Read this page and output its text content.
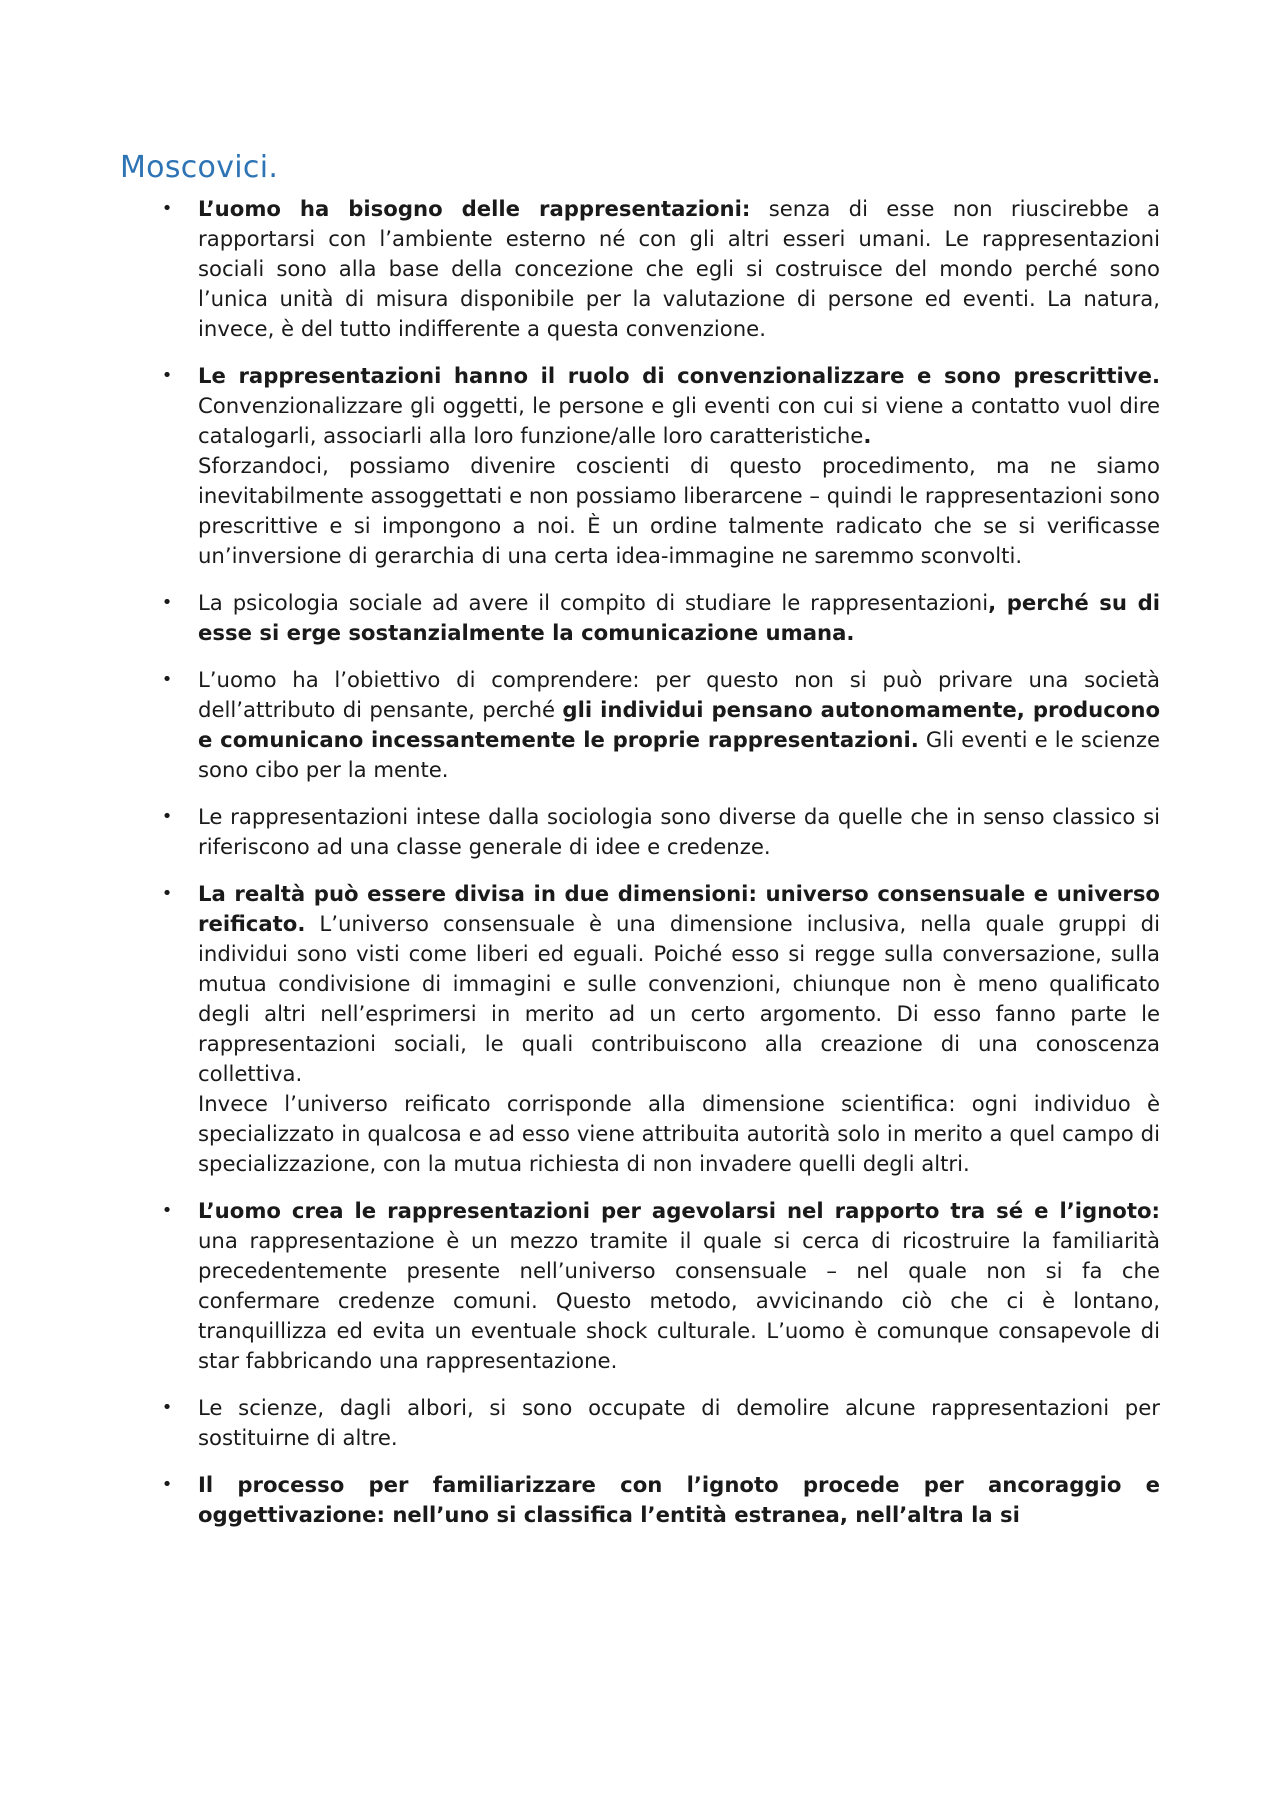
Moscovici.
• L’uomo ha bisogno delle rappresentazioni: senza di esse non riuscirebbe a rapportarsi con l’ambiente esterno né con gli altri esseri umani. Le rappresentazioni sociali sono alla base della concezione che egli si costruisce del mondo perché sono l’unica unità di misura disponibile per la valutazione di persone ed eventi. La natura, invece, è del tutto indifferente a questa convenzione.

• Le rappresentazioni hanno il ruolo di convenzionalizzare e sono prescrittive. Convenzionalizzare gli oggetti, le persone e gli eventi con cui si viene a contatto vuol dire catalogarli, associarli alla loro funzione/alle loro caratteristiche.

Sforzandoci, possiamo divenire coscienti di questo procedimento, ma ne siamo inevitabilmente assoggettati e non possiamo liberarcene – quindi le rappresentazioni sono prescrittive e si impongono a noi. È un ordine talmente radicato che se si verificasse un’inversione di gerarchia di una certa idea-immagine ne saremmo sconvolti.

• La psicologia sociale ad avere il compito di studiare le rappresentazioni, perché su di esse si erge sostanzialmente la comunicazione umana.

• L’uomo ha l’obiettivo di comprendere: per questo non si può privare una società dell’attributo di pensante, perché gli individui pensano autonomamente, producono e comunicano incessantemente le proprie rappresentazioni. Gli eventi e le scienze sono cibo per la mente.

• Le rappresentazioni intese dalla sociologia sono diverse da quelle che in senso classico si riferiscono ad una classe generale di idee e credenze.

• La realtà può essere divisa in due dimensioni: universo consensuale e universo reificato. L’universo consensuale è una dimensione inclusiva, nella quale gruppi di individui sono visti come liberi ed eguali. Poiché esso si regge sulla conversazione, sulla mutua condivisione di immagini e sulle convenzioni, chiunque non è meno qualificato degli altri nell’esprimersi in merito ad un certo argomento. Di esso fanno parte le rappresentazioni sociali, le quali contribuiscono alla creazione di una conoscenza collettiva.

Invece l’universo reificato corrisponde alla dimensione scientifica: ogni individuo è specializzato in qualcosa e ad esso viene attribuita autorità solo in merito a quel campo di specializzazione, con la mutua richiesta di non invadere quelli degli altri.

• L’uomo crea le rappresentazioni per agevolarsi nel rapporto tra sé e l’ignoto: una rappresentazione è un mezzo tramite il quale si cerca di ricostruire la familiarità precedentemente presente nell’universo consensuale – nel quale non si fa che confermare credenze comuni. Questo metodo, avvicinando ciò che ci è lontano, tranquillizza ed evita un eventuale shock culturale. L’uomo è comunque consapevole di star fabbricando una rappresentazione.

• Le scienze, dagli albori, si sono occupate di demolire alcune rappresentazioni per sostituirne di altre.

• Il processo per familiarizzare con l’ignoto procede per ancoraggio e oggettivazione: nell’uno si classifica l’entità estranea, nell’altra la si
